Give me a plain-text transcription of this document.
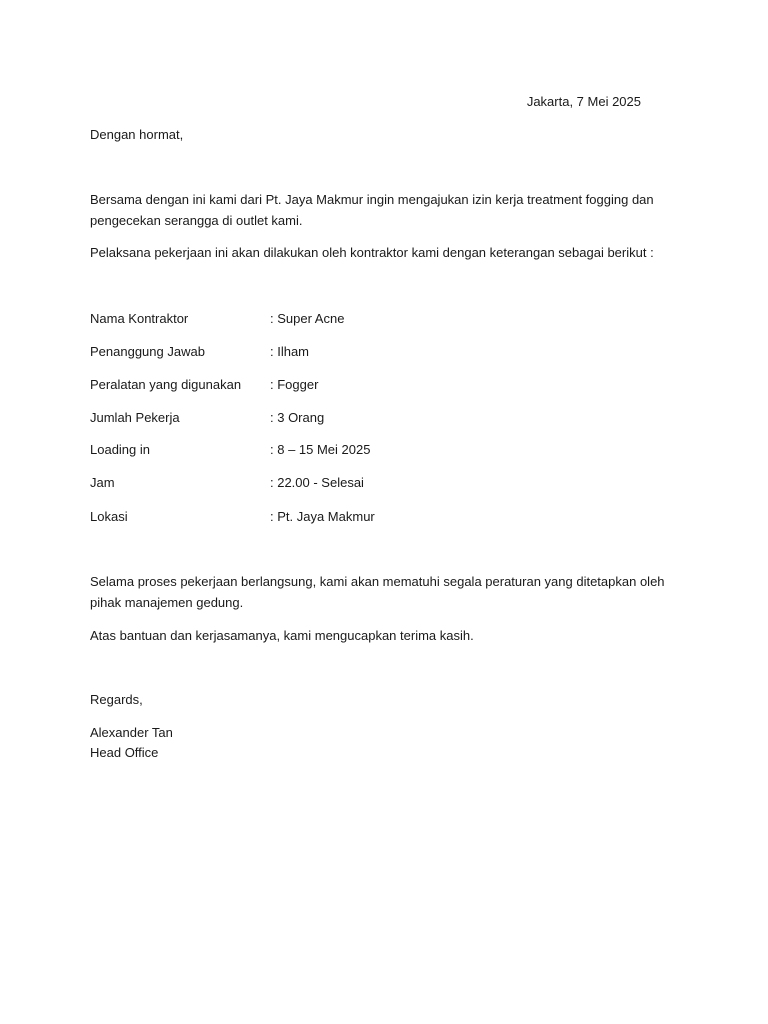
Jakarta, 7 Mei 2025
Dengan hormat,
Bersama dengan ini kami dari Pt. Jaya Makmur ingin mengajukan izin kerja treatment fogging dan
pengecekan serangga di outlet kami.
Pelaksana pekerjaan ini akan dilakukan oleh kontraktor kami dengan keterangan sebagai berikut :
Nama Kontraktor	: Super Acne
Penanggung Jawab	: Ilham
Peralatan yang digunakan : Fogger
Jumlah Pekerja	: 3 Orang
Loading in	: 8 – 15 Mei 2025
Jam	: 22.00 - Selesai
Lokasi	: Pt. Jaya Makmur
Selama proses pekerjaan berlangsung, kami akan mematuhi segala peraturan yang ditetapkan oleh
pihak manajemen gedung.
Atas bantuan dan kerjasamanya, kami mengucapkan terima kasih.
Regards,
Alexander Tan
Head Office
